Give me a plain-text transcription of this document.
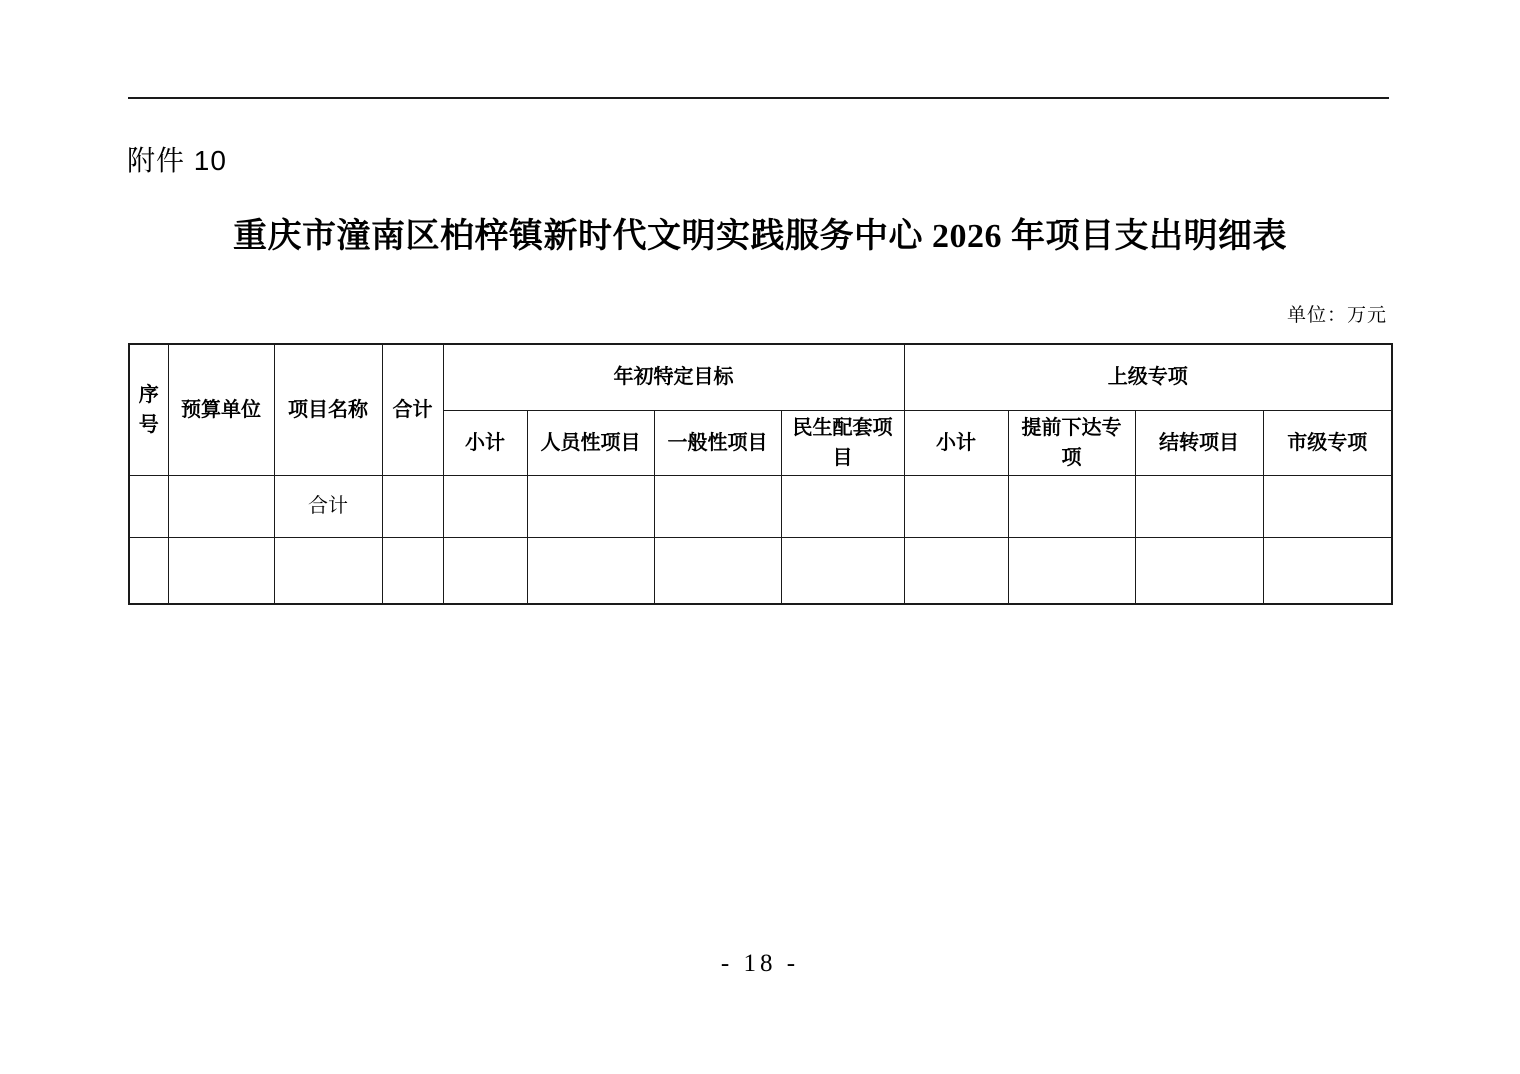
附件 10
重庆市潼南区柏梓镇新时代文明实践服务中心 2026 年项目支出明细表
单位：万元
序号	预算单位	项目名称	合计	年初特定目标				上级专项			
				小计	人员性项目	一般性项目	民生配套项目	小计	提前下达专项	结转项目	市级专项
		合计									

- 18 -
